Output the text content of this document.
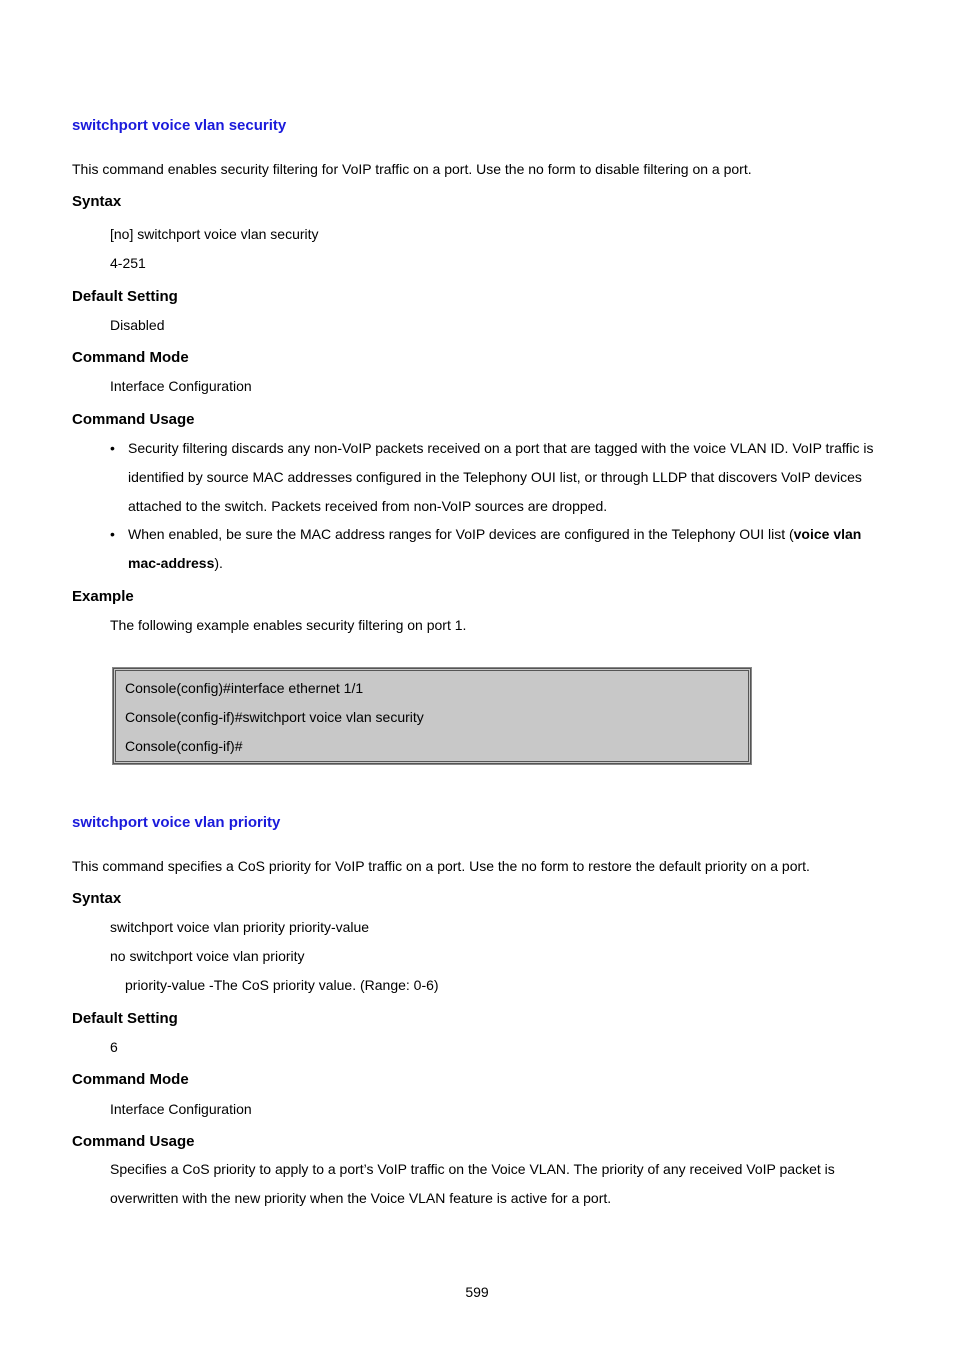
switchport voice vlan security
This command enables security filtering for VoIP traffic on a port. Use the no form to disable filtering on a port.
Syntax
[no] switchport voice vlan security
4-251
Default Setting
Disabled
Command Mode
Interface Configuration
Command Usage
• Security filtering discards any non-VoIP packets received on a port that are tagged with the voice VLAN ID. VoIP traffic is identified by source MAC addresses configured in the Telephony OUI list, or through LLDP that discovers VoIP devices attached to the switch. Packets received from non-VoIP sources are dropped.
• When enabled, be sure the MAC address ranges for VoIP devices are configured in the Telephony OUI list (voice vlan mac-address).
Example
The following example enables security filtering on port 1.
Console(config)#interface ethernet 1/1
Console(config-if)#switchport voice vlan security
Console(config-if)#
switchport voice vlan priority
This command specifies a CoS priority for VoIP traffic on a port. Use the no form to restore the default priority on a port.
Syntax
switchport voice vlan priority priority-value
no switchport voice vlan priority
priority-value -The CoS priority value. (Range: 0-6)
Default Setting
6
Command Mode
Interface Configuration
Command Usage
Specifies a CoS priority to apply to a port’s VoIP traffic on the Voice VLAN. The priority of any received VoIP packet is overwritten with the new priority when the Voice VLAN feature is active for a port.
599
